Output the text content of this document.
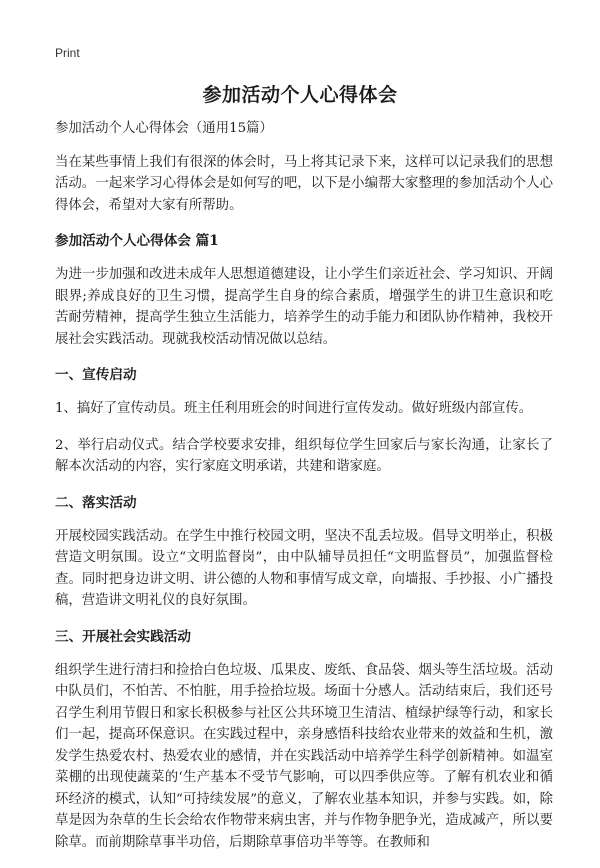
Print
参加活动个人心得体会

参加活动个人心得体会（通用15篇）

当在某些事情上我们有很深的体会时，马上将其记录下来，这样可以记录我们的思想活动。一起来学习心得体会是如何写的吧，以下是小编帮大家整理的参加活动个人心得体会，希望对大家有所帮助。

参加活动个人心得体会 篇1

为进一步加强和改进未成年人思想道德建设，让小学生们亲近社会、学习知识、开阔眼界;养成良好的卫生习惯，提高学生自身的综合素质，增强学生的讲卫生意识和吃苦耐劳精神，提高学生独立生活能力，培养学生的动手能力和团队协作精神，我校开展社会实践活动。现就我校活动情况做以总结。

一、宣传启动

1、搞好了宣传动员。班主任利用班会的时间进行宣传发动。做好班级内部宣传。

2、举行启动仪式。结合学校要求安排，组织每位学生回家后与家长沟通，让家长了解本次活动的内容，实行家庭文明承诺，共建和谐家庭。

二、落实活动

开展校园实践活动。在学生中推行校园文明，坚决不乱丢垃圾。倡导文明举止，积极营造文明氛围。设立“文明监督岗”，由中队辅导员担任“文明监督员”，加强监督检查。同时把身边讲文明、讲公德的人物和事情写成文章，向墙报、手抄报、小广播投稿，营造讲文明礼仪的良好氛围。

三、开展社会实践活动

组织学生进行清扫和捡拾白色垃圾、瓜果皮、废纸、食品袋、烟头等生活垃圾。活动中队员们，不怕苦、不怕脏，用手捡拾垃圾。场面十分感人。活动结束后，我们还号召学生利用节假日和家长积极参与社区公共环境卫生清洁、植绿护绿等行动，和家长们一起，提高环保意识。在实践过程中，亲身感悟科技给农业带来的效益和生机，激发学生热爱农村、热爱农业的感情，并在实践活动中培养学生科学创新精神。如温室菜棚的出现使蔬菜的‘生产基本不受节气影响，可以四季供应等。了解有机农业和循环经济的模式，认知“可持续发展”的意义，了解农业基本知识，并参与实践。如，除草是因为杂草的生长会给农作物带来病虫害，并与作物争肥争光，造成减产，所以要除草。而前期除草事半功倍，后期除草事倍功半等等。在教师和
